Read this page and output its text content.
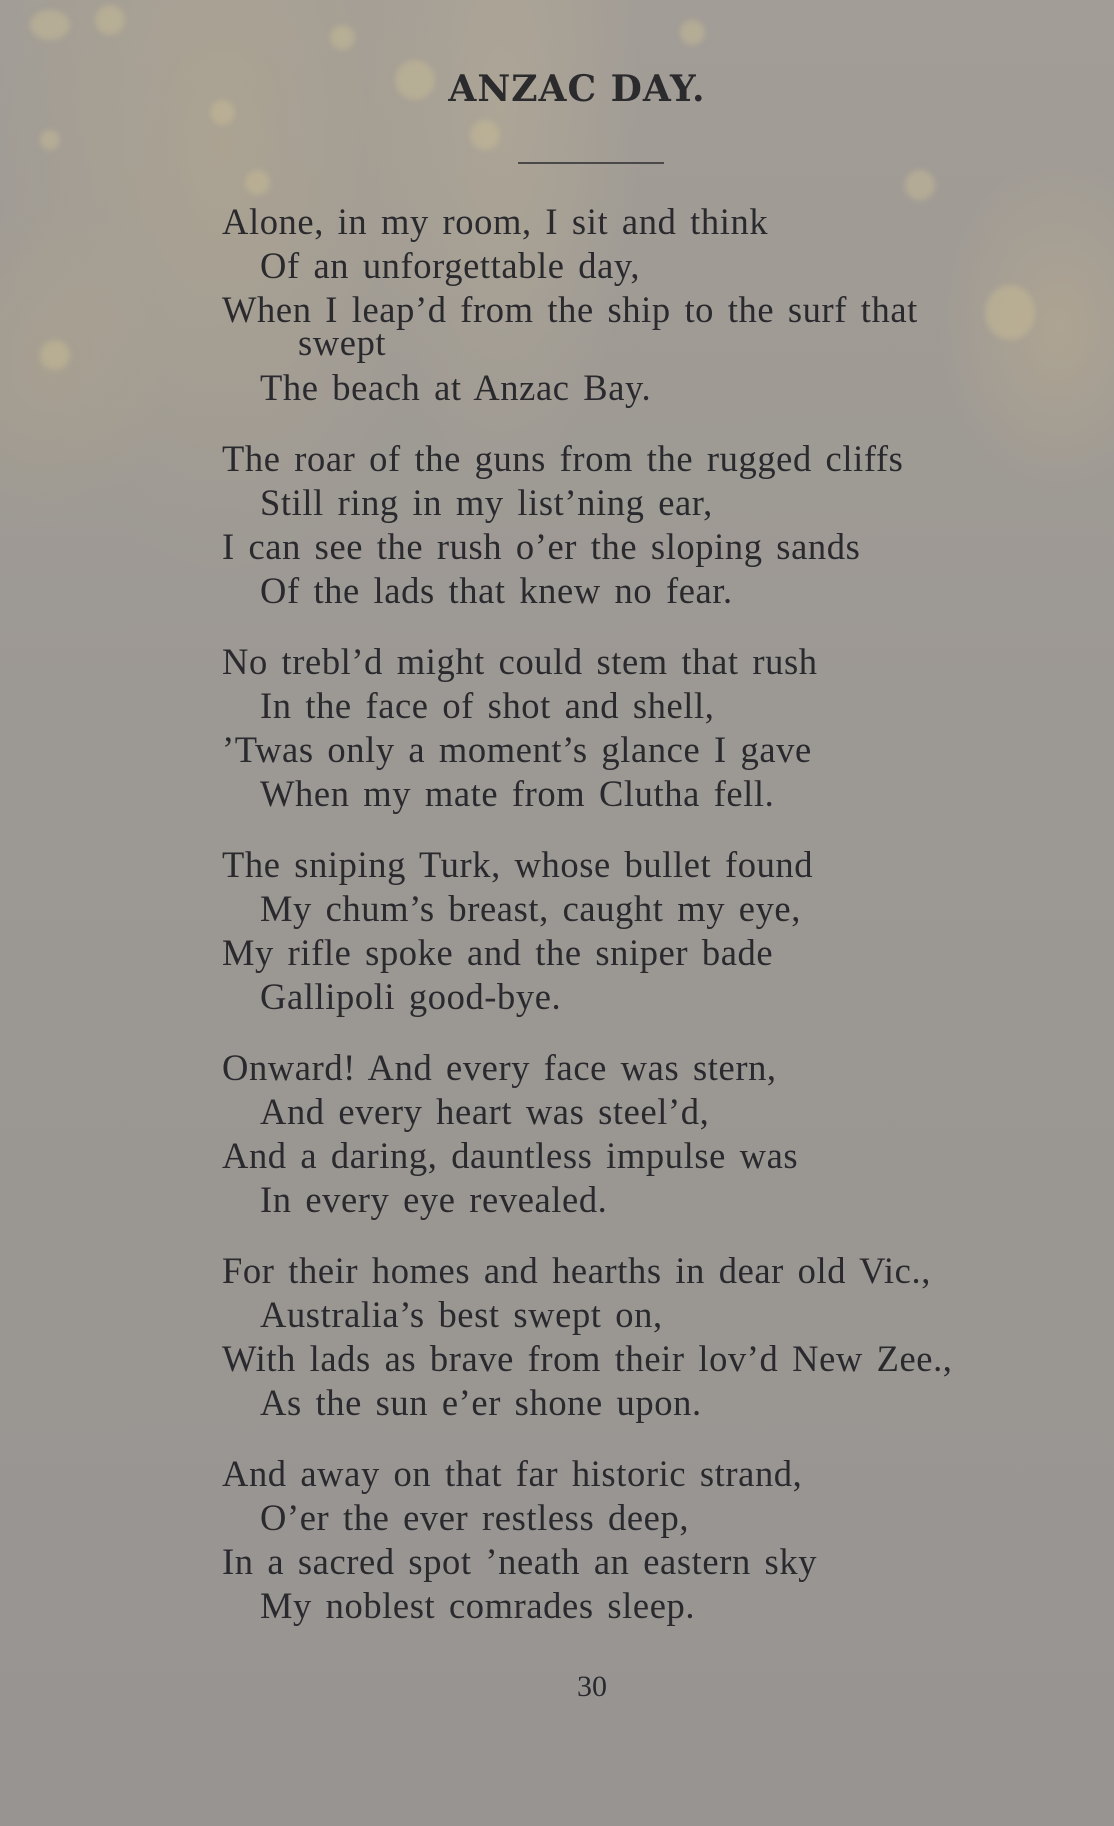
ANZAC DAY.
Alone, in my room, I sit and think
Of an unforgettable day,
When I leap’d from the ship to the surf that
swept
The beach at Anzac Bay.
The roar of the guns from the rugged cliffs
Still ring in my list’ning ear,
I can see the rush o’er the sloping sands
Of the lads that knew no fear.
No trebl’d might could stem that rush
In the face of shot and shell,
’Twas only a moment’s glance I gave
When my mate from Clutha fell.
The sniping Turk, whose bullet found
My chum’s breast, caught my eye,
My rifle spoke and the sniper bade
Gallipoli good-bye.
Onward! And every face was stern,
And every heart was steel’d,
And a daring, dauntless impulse was
In every eye revealed.
For their homes and hearths in dear old Vic.,
Australia’s best swept on,
With lads as brave from their lov’d New Zee.,
As the sun e’er shone upon.
And away on that far historic strand,
O’er the ever restless deep,
In a sacred spot ’neath an eastern sky
My noblest comrades sleep.
30
